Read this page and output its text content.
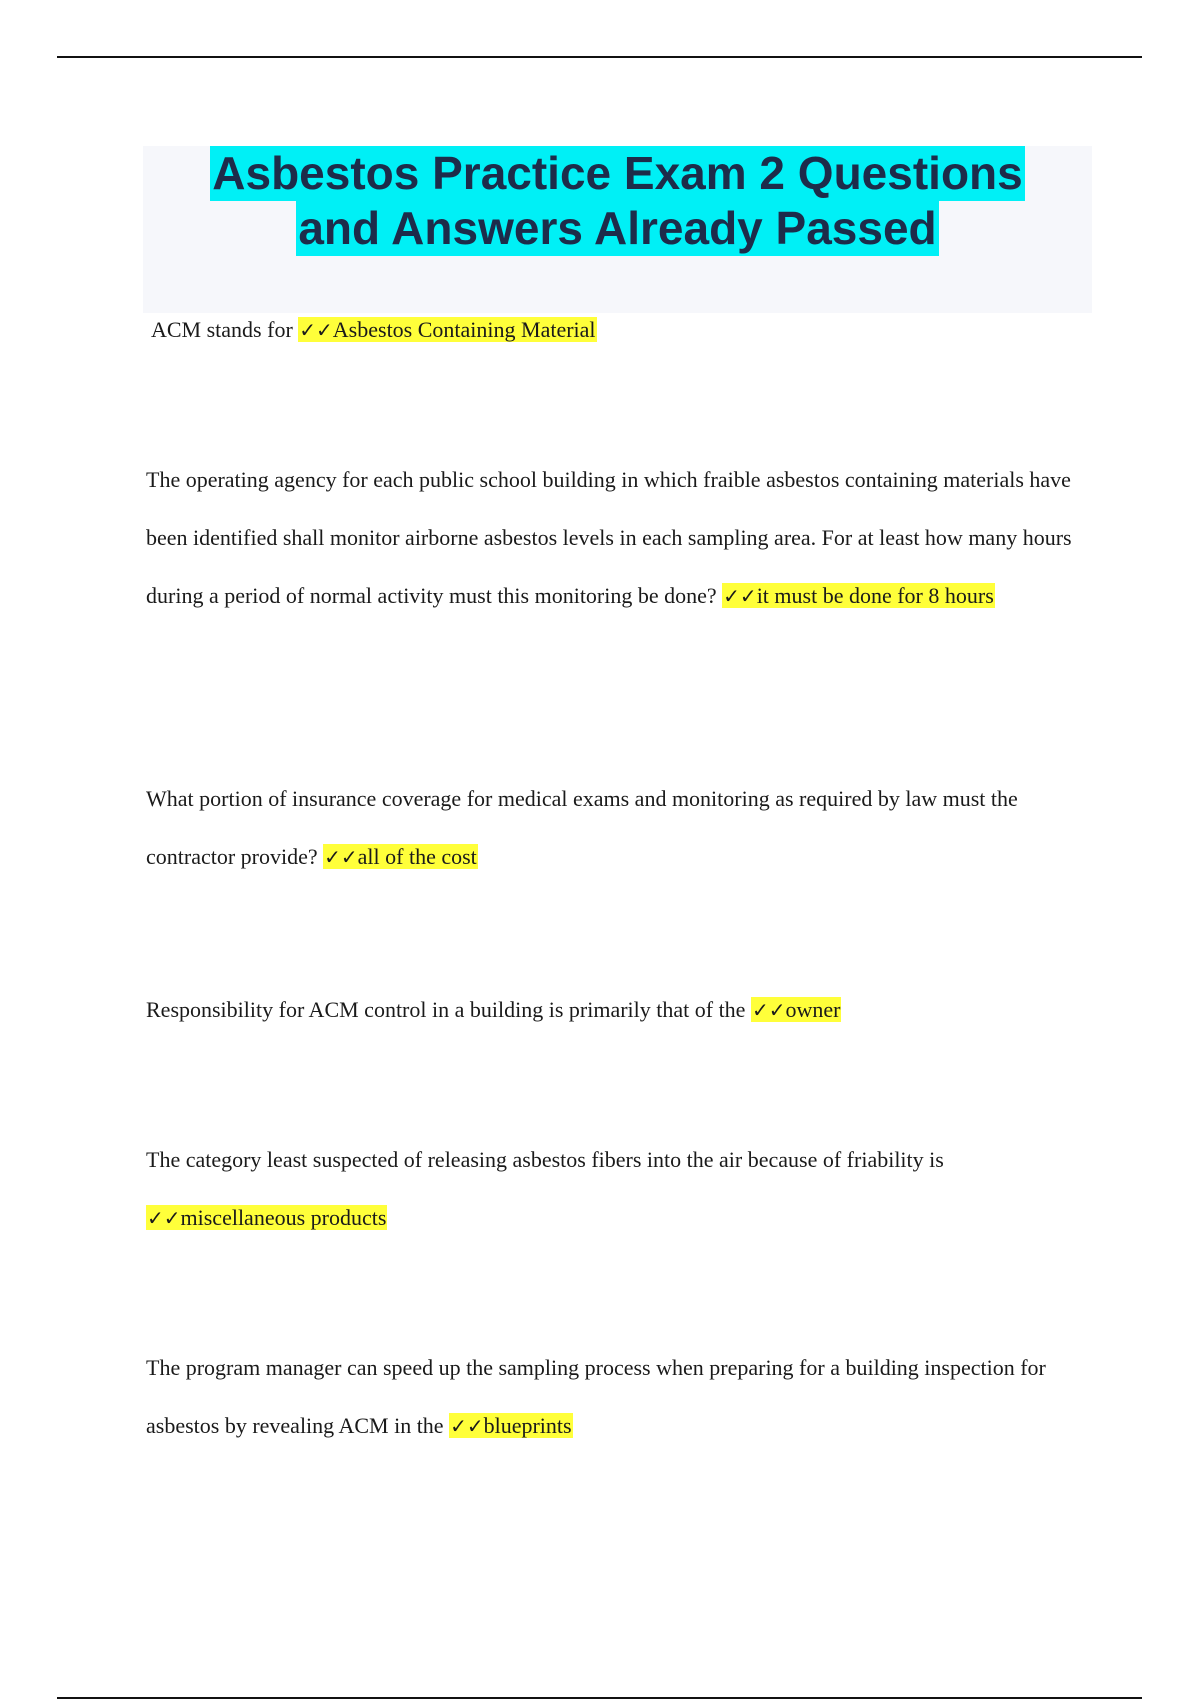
Asbestos Practice Exam 2 Questions
and Answers Already Passed

ACM stands for ✓✓Asbestos Containing Material

The operating agency for each public school building in which fraible asbestos containing materials have been identified shall monitor airborne asbestos levels in each sampling area. For at least how many hours during a period of normal activity must this monitoring be done? ✓✓it must be done for 8 hours

What portion of insurance coverage for medical exams and monitoring as required by law must the contractor provide? ✓✓all of the cost

Responsibility for ACM control in a building is primarily that of the ✓✓owner

The category least suspected of releasing asbestos fibers into the air because of friability is ✓✓miscellaneous products

The program manager can speed up the sampling process when preparing for a building inspection for asbestos by revealing ACM in the ✓✓blueprints
